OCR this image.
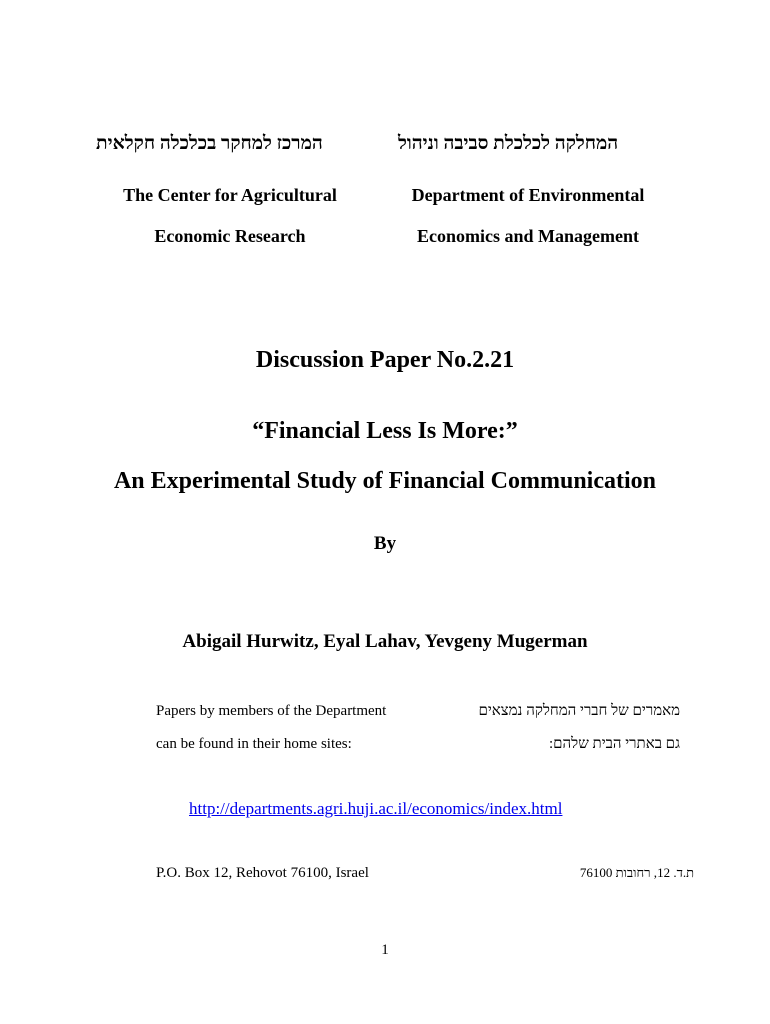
המרכז למחקר בכלכלה חקלאית	המחלקה לכלכלת סביבה וניהול
The Center for Agricultural
Economic Research
Department of Environmental
Economics and Management
Discussion Paper No.2.21
“Financial Less Is More:”
An Experimental Study of Financial Communication
By
Abigail Hurwitz, Eyal Lahav, Yevgeny Mugerman
Papers by members of the Department
can be found in their home sites:
מאמרים של חברי המחלקה נמצאים
גם באתרי הבית שלהם:
http://departments.agri.huji.ac.il/economics/index.html
P.O. Box 12, Rehovot 76100, Israel	ת.ד. 12, רחובות 76100
1
